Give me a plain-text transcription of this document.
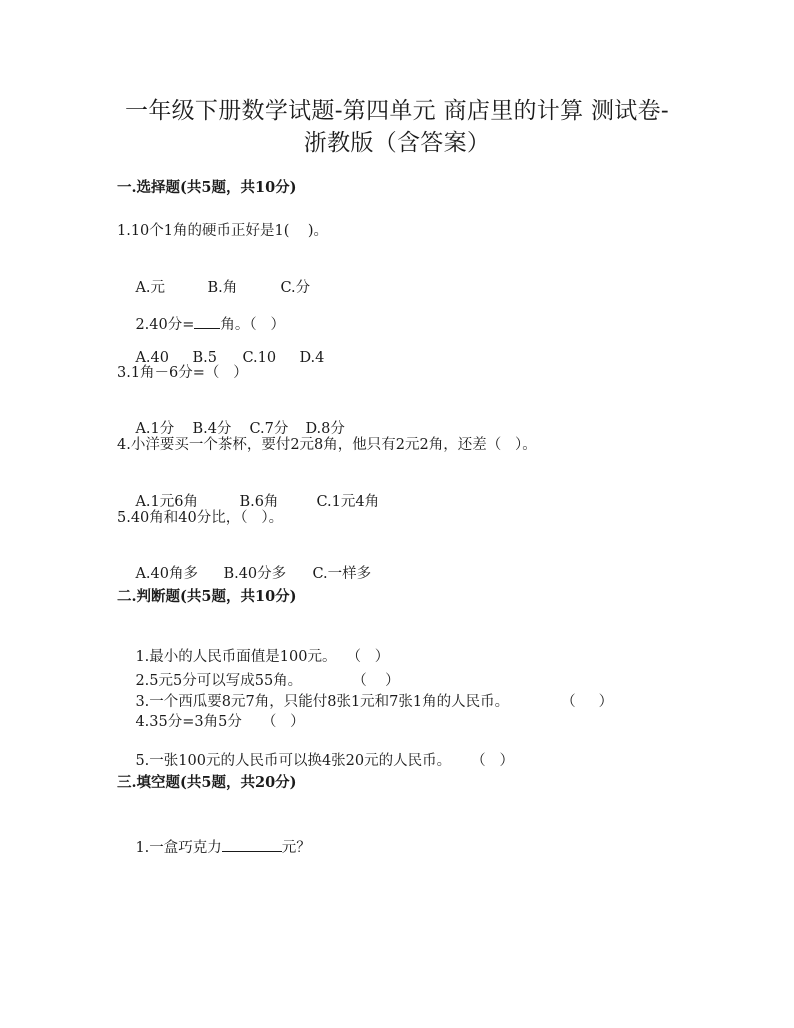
一年级下册数学试题-第四单元 商店里的计算 测试卷-
浙教版（含答案）
一.选择题(共5题，共10分)
1.10个1角的硬币正好是1(    )。

A.元	B.角	C.分

2.40分= 角。（   ）

A.40 B.5 C.10 D.4

3.1角－6分=（   ）

A.1分 B.4分 C.7分 D.8分

4.小洋要买一个茶杯，要付2元8角，他只有2元2角，还差（   ）。

A.1元6角	B.6角	C.1元4角

5.40角和40分比，（   ）。

A.40角多 B.40分多 C.一样多

二.判断题(共5题，共10分)

1.最小的人民币面值是100元。 （   ）

2.5元5分可以写成55角。	（    ）

3.一个西瓜要8元7角，只能付8张1元和7张1角的人民币。	（     ）

4.35分=3角5分 （   ）

5.一张100元的人民币可以换4张20元的人民币。 （   ）

三.填空题(共5题，共20分)

1.一盒巧克力	元？
